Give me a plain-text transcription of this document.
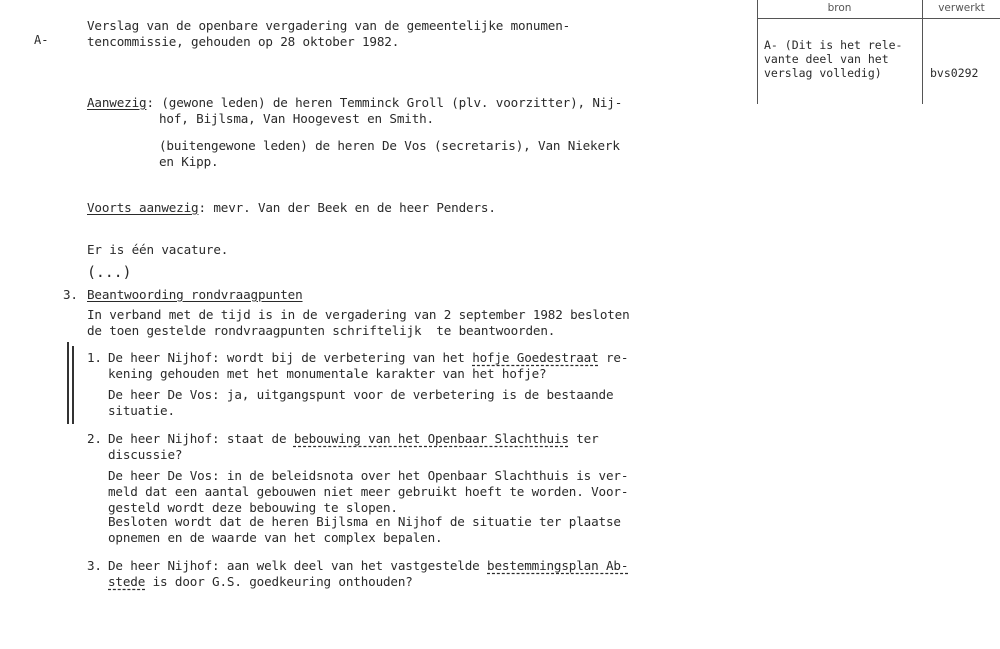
A-
bron	verwerkt
A- (Dit is het rele-
vante deel van het
verslag volledig)	bvs0292
Verslag van de openbare vergadering van de gemeentelijke monumen-
tencommissie, gehouden op 28 oktober 1982.
Aanwezig: (gewone leden) de heren Temminck Groll (plv. voorzitter), Nij-
hof, Bijlsma, Van Hoogevest en Smith.
(buitengewone leden) de heren De Vos (secretaris), Van Niekerk
en Kipp.
Voorts aanwezig: mevr. Van der Beek en de heer Penders.
Er is één vacature.
(...)
3. Beantwoording rondvraagpunten
In verband met de tijd is in de vergadering van 2 september 1982 besloten
de toen gestelde rondvraagpunten schriftelijk  te beantwoorden.
1. De heer Nijhof: wordt bij de verbetering van het hofje Goedestraat re-
kening gehouden met het monumentale karakter van het hofje?
De heer De Vos: ja, uitgangspunt voor de verbetering is de bestaande
situatie.
2. De heer Nijhof: staat de bebouwing van het Openbaar Slachthuis ter
discussie?
De heer De Vos: in de beleidsnota over het Openbaar Slachthuis is ver-
meld dat een aantal gebouwen niet meer gebruikt hoeft te worden. Voor-
gesteld wordt deze bebouwing te slopen.
Besloten wordt dat de heren Bijlsma en Nijhof de situatie ter plaatse
opnemen en de waarde van het complex bepalen.
3. De heer Nijhof: aan welk deel van het vastgestelde bestemmingsplan Ab-
stede is door G.S. goedkeuring onthouden?
